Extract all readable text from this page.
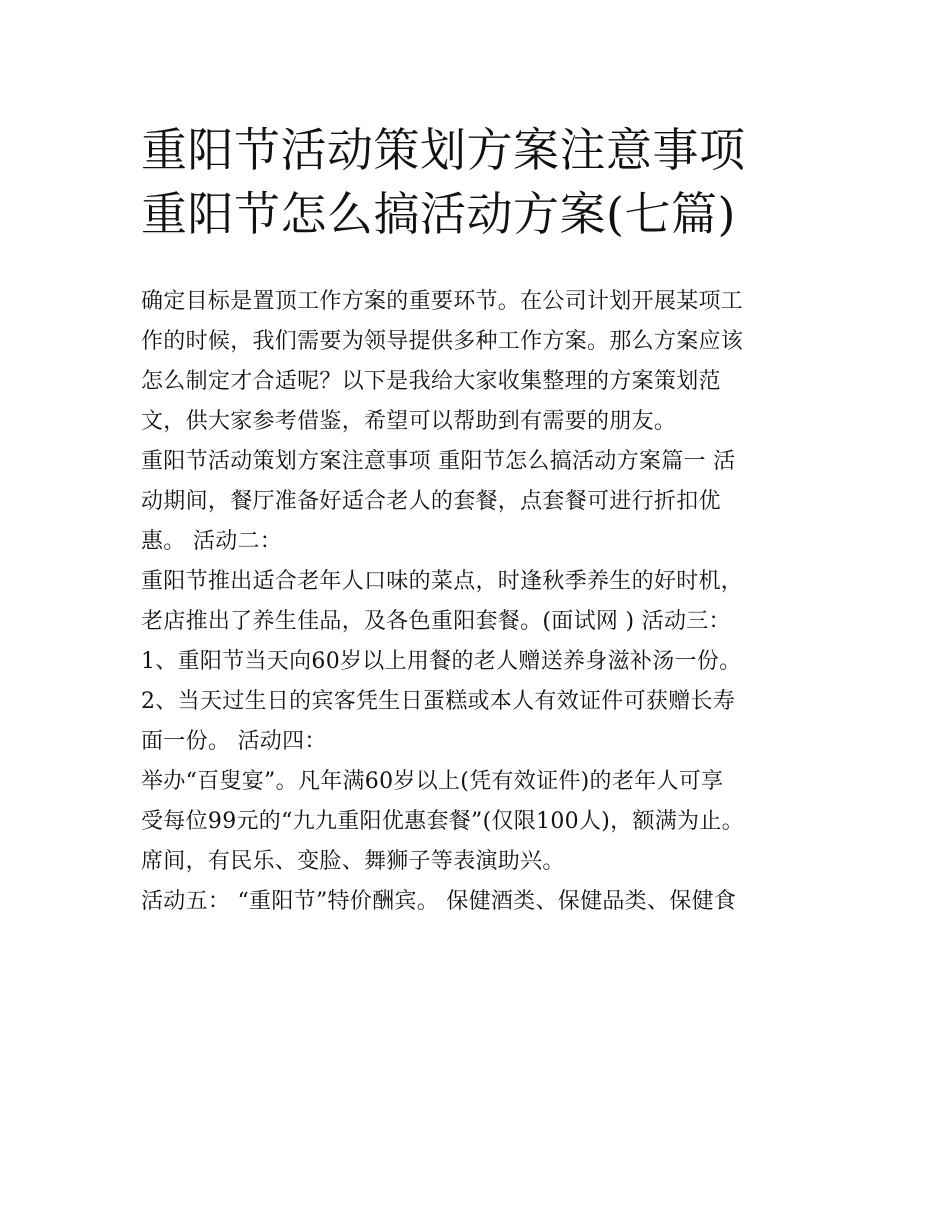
重阳节活动策划方案注意事项
重阳节怎么搞活动方案(七篇)

确定目标是置顶工作方案的重要环节。在公司计划开展某项工
作的时候，我们需要为领导提供多种工作方案。那么方案应该
怎么制定才合适呢？以下是我给大家收集整理的方案策划范
文，供大家参考借鉴，希望可以帮助到有需要的朋友。

重阳节活动策划方案注意事项 重阳节怎么搞活动方案篇一 活
动期间，餐厅准备好适合老人的套餐，点套餐可进行折扣优
惠。 活动二：

重阳节推出适合老年人口味的菜点，时逢秋季养生的好时机，
老店推出了养生佳品，及各色重阳套餐。(面试网 ) 活动三：

1、重阳节当天向60岁以上用餐的老人赠送养身滋补汤一份。

2、当天过生日的宾客凭生日蛋糕或本人有效证件可获赠长寿
面一份。 活动四：

举办“百叟宴”。凡年满60岁以上(凭有效证件)的老年人可享
受每位99元的“九九重阳优惠套餐”(仅限100人)，额满为止。
席间，有民乐、变脸、舞狮子等表演助兴。

活动五： “重阳节”特价酬宾。 保健酒类、保健品类、保健食
